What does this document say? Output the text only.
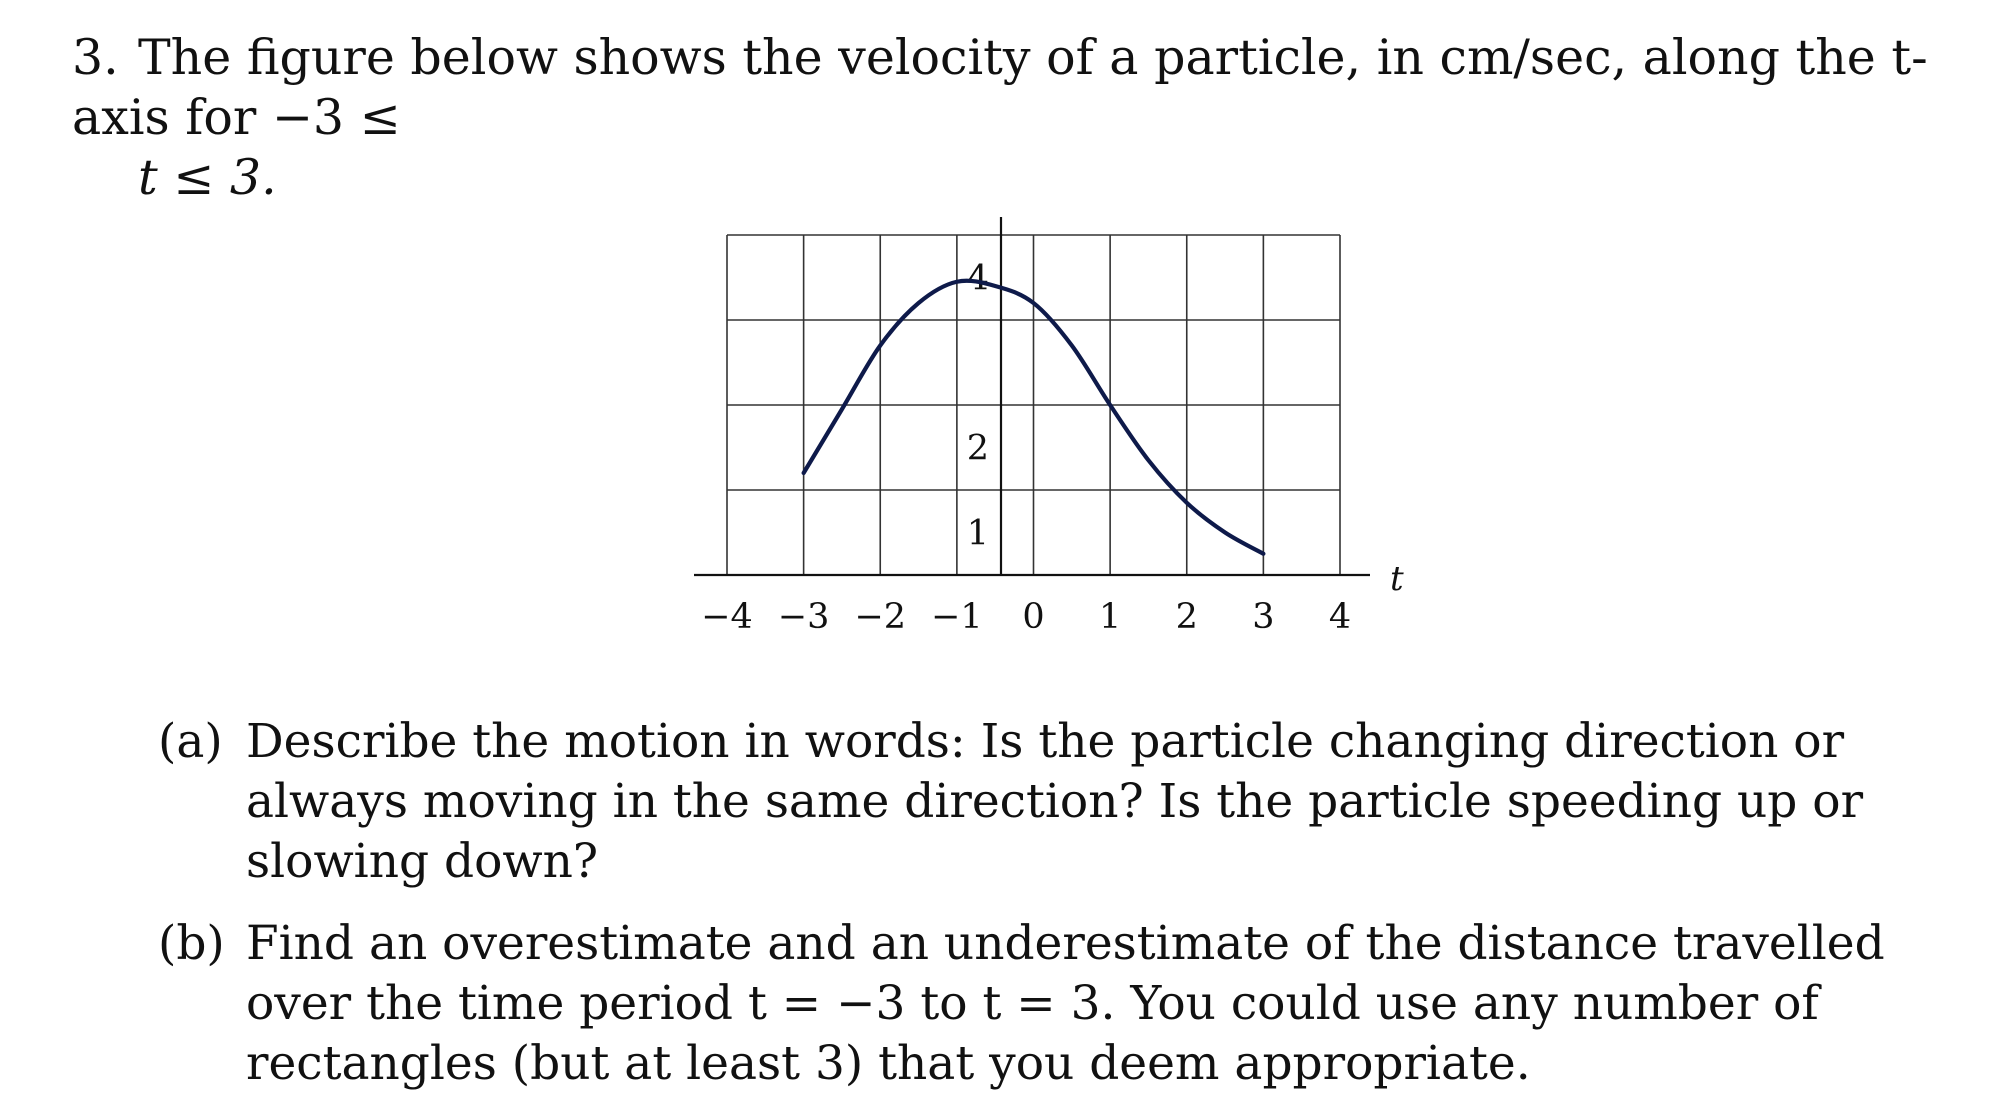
3. The figure below shows the velocity of a particle, in cm/sec, along the t-axis for −3 ≤
t ≤ 3.

t
−4 −3 −2 −1 0 1 2 3 4
4
2
1
(a) Describe the motion in words: Is the particle changing direction or always moving in the same direction? Is the particle speeding up or slowing down?
(b) Find an overestimate and an underestimate of the distance travelled over the time period t = −3 to t = 3. You could use any number of rectangles (but at least 3) that you deem appropriate.
